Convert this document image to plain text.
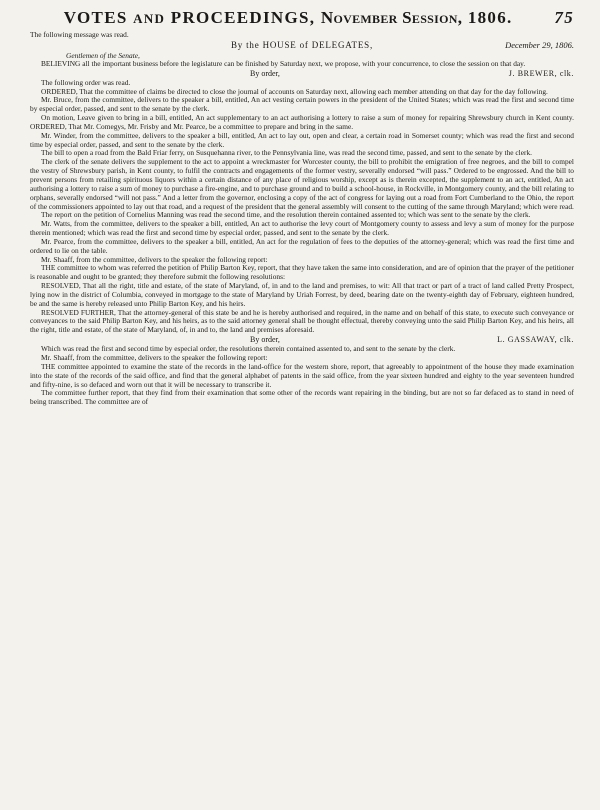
VOTES AND PROCEEDINGS, November Session, 1806.	75

The following message was read.

By the HOUSE of DELEGATES,	December 29, 1806.
Gentlemen of the Senate,

BELIEVING all the important business before the legislature can be finished by Saturday next, we propose, with your concurrence, to close the session on that day.

By order,	J. BREWER, clk.

The following order was read.

ORDERED, That the committee of claims be directed to close the journal of accounts on Saturday next, allowing each member attending on that day for the day following.

Mr. Bruce, from the committee, delivers to the speaker a bill, entitled, An act vesting certain powers in the president of the United States; which was read the first and second time by especial order, passed, and sent to the senate by the clerk.

On motion, Leave given to bring in a bill, entitled, An act supplementary to an act authorising a lottery to raise a sum of money for repairing Shrewsbury church in Kent county. ORDERED, That Mr. Comegys, Mr. Frisby and Mr. Pearce, be a committee to prepare and bring in the same.

Mr. Winder, from the committee, delivers to the speaker a bill, entitled, An act to lay out, open and clear, a certain road in Somerset county; which was read the first and second time by especial order, passed, and sent to the senate by the clerk.

The bill to open a road from the Bald Friar ferry, on Susquehanna river, to the Pennsylvania line, was read the second time, passed, and sent to the senate by the clerk.

The clerk of the senate delivers the supplement to the act to appoint a wreckmaster for Worcester county, the bill to prohibit the emigration of free negroes, and the bill to compel the vestry of Shrewsbury parish, in Kent county, to fulfil the contracts and engagements of the former vestry, severally endorsed “will pass.” Ordered to be engrossed. And the bill to prevent persons from retailing spirituous liquors within a certain distance of any place of religious worship, except as is therein excepted, the supplement to an act, entitled, An act authorising a lottery to raise a sum of money to purchase a fire-engine, and to purchase ground and to build a school-house, in Rockville, in Montgomery county, and the bill relating to orphans, severally endorsed “will not pass.” And a letter from the governor, enclosing a copy of the act of congress for laying out a road from Fort Cumberland to the Ohio, the report of the commissioners appointed to lay out that road, and a request of the president that the general assembly will consent to the cutting of the same through Maryland; which were read.

The report on the petition of Cornelius Manning was read the second time, and the resolution therein contained assented to; which was sent to the senate by the clerk.

Mr. Watts, from the committee, delivers to the speaker a bill, entitled, An act to authorise the levy court of Montgomery county to assess and levy a sum of money for the purpose therein mentioned; which was read the first and second time by especial order, passed, and sent to the senate by the clerk.

Mr. Pearce, from the committee, delivers to the speaker a bill, entitled, An act for the regulation of fees to the deputies of the attorney-general; which was read the first time and ordered to lie on the table.

Mr. Shaaff, from the committee, delivers to the speaker the following report:

THE committee to whom was referred the petition of Philip Barton Key, report, that they have taken the same into consideration, and are of opinion that the prayer of the petitioner is reasonable and ought to be granted; they therefore submit the following resolutions:

RESOLVED, That all the right, title and estate, of the state of Maryland, of, in and to the land and premises, to wit: All that tract or part of a tract of land called Pretty Prospect, lying now in the district of Columbia, conveyed in mortgage to the state of Maryland by Uriah Forrest, by deed, bearing date on the twenty-eighth day of February, eighteen hundred, be and the same is hereby released unto Philip Barton Key, and his heirs.

RESOLVED FURTHER, That the attorney-general of this state be and he is hereby authorised and required, in the name and on behalf of this state, to execute such conveyance or conveyances to the said Philip Barton Key, and his heirs, as to the said attorney general shall be thought effectual, thereby conveying unto the said Philip Barton Key, and his heirs, all the right, title and estate, of the state of Maryland, of, in and to, the land and premises aforesaid.

By order,	L. GASSAWAY, clk.

Which was read the first and second time by especial order, the resolutions therein contained assented to, and sent to the senate by the clerk.

Mr. Shaaff, from the committee, delivers to the speaker the following report:

THE committee appointed to examine the state of the records in the land-office for the western shore, report, that agreeably to appointment of the house they made examination into the state of the records of the said office, and find that the general alphabet of patents in the said office, from the year sixteen hundred and eighty to the year seventeen hundred and fifty-nine, is so defaced and worn out that it will be necessary to transcribe it.

The committee further report, that they find from their examination that some other of the records want repairing in the binding, but are not so far defaced as to stand in need of being transcribed. The committee are of
